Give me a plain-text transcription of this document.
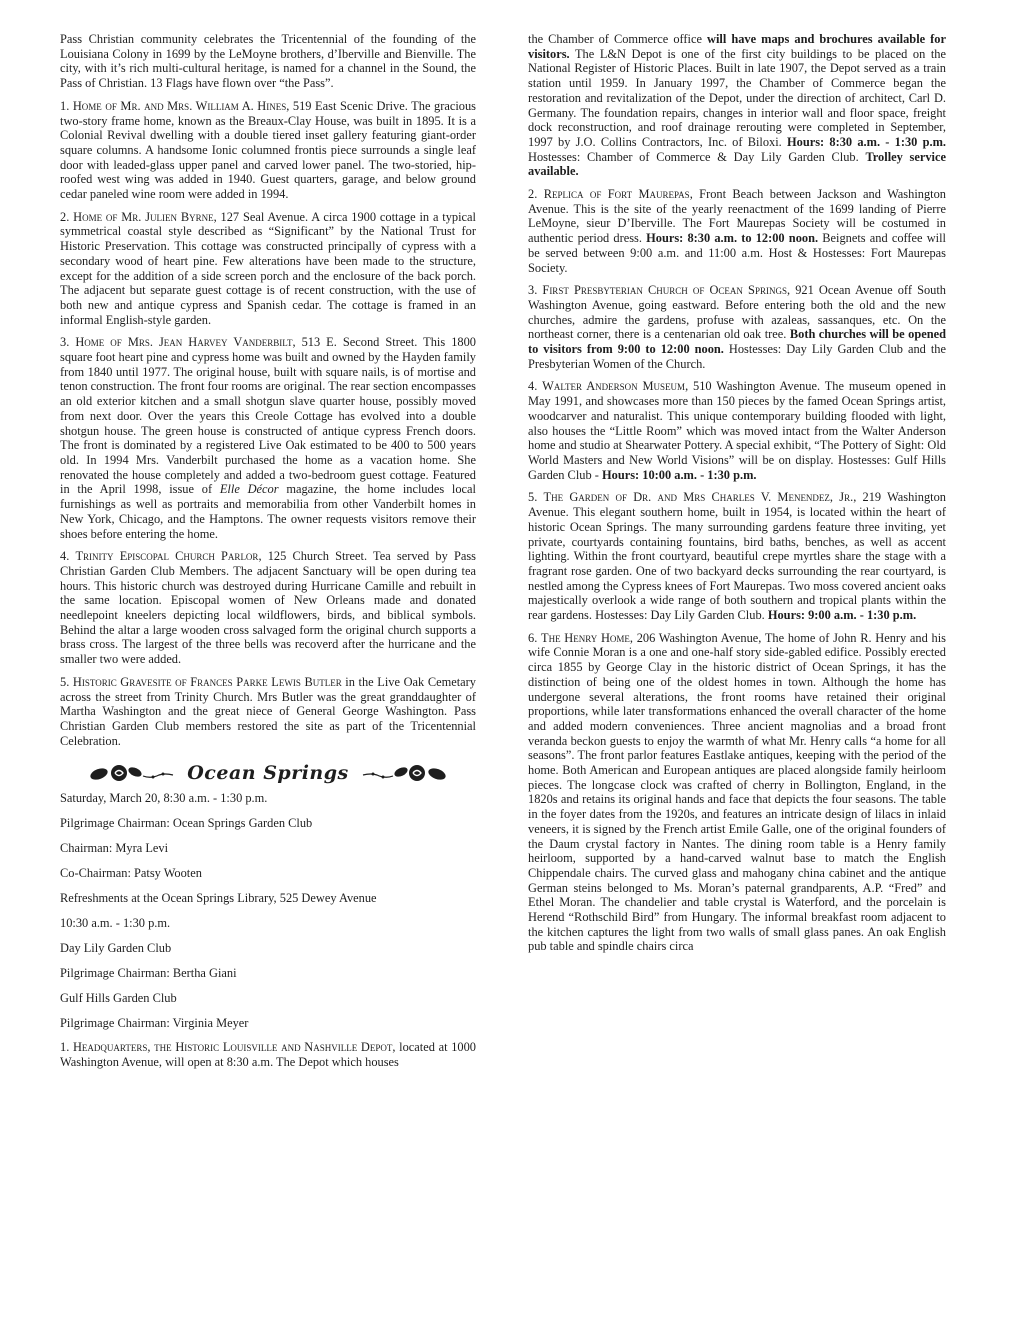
Pass Christian community celebrates the Tricentennial of the founding of the Louisiana Colony in 1699 by the LeMoyne brothers, d’Iberville and Bienville. The city, with it’s rich multi-cultural heritage, is named for a channel in the Sound, the Pass of Christian. 13 Flags have flown over “the Pass”.

1. Home of Mr. and Mrs. William A. Hines, 519 East Scenic Drive. The gracious two-story frame home, known as the Breaux-Clay House, was built in 1895. It is a Colonial Revival dwelling with a double tiered inset gallery featuring giant-order square columns. A handsome Ionic columned frontis piece surrounds a single leaf door with leaded-glass upper panel and carved lower panel. The two-storied, hip-roofed west wing was added in 1940. Guest quarters, garage, and below ground cedar paneled wine room were added in 1994.

2. Home of Mr. Julien Byrne, 127 Seal Avenue. A circa 1900 cottage in a typical symmetrical coastal style described as “Significant” by the National Trust for Historic Preservation. This cottage was constructed principally of cypress with a secondary wood of heart pine. Few alterations have been made to the structure, except for the addition of a side screen porch and the enclosure of the back porch. The adjacent but separate guest cottage is of recent construction, with the use of both new and antique cypress and Spanish cedar. The cottage is framed in an informal English-style garden.

3. Home of Mrs. Jean Harvey Vanderbilt, 513 E. Second Street. This 1800 square foot heart pine and cypress home was built and owned by the Hayden family from 1840 until 1977. The original house, built with square nails, is of mortise and tenon construction. The front four rooms are original. The rear section encompasses an old exterior kitchen and a small shotgun slave quarter house, possibly moved from next door. Over the years this Creole Cottage has evolved into a double shotgun house. The green house is constructed of antique cypress French doors. The front is dominated by a registered Live Oak estimated to be 400 to 500 years old. In 1994 Mrs. Vanderbilt purchased the home as a vacation home. She renovated the house completely and added a two-bedroom guest cottage. Featured in the April 1998, issue of Elle Décor magazine, the home includes local furnishings as well as portraits and memorabilia from other Vanderbilt homes in New York, Chicago, and the Hamptons. The owner requests visitors remove their shoes before entering the home.

4. Trinity Episcopal Church Parlor, 125 Church Street. Tea served by Pass Christian Garden Club Members. The adjacent Sanctuary will be open during tea hours. This historic church was destroyed during Hurricane Camille and rebuilt in the same location. Episcopal women of New Orleans made and donated needlepoint kneelers depicting local wildflowers, birds, and biblical symbols. Behind the altar a large wooden cross salvaged form the original church supports a brass cross. The largest of the three bells was recoverd after the hurricane and the smaller two were added.

5. Historic Gravesite of Frances Parke Lewis Butler in the Live Oak Cemetary across the street from Trinity Church. Mrs Butler was the great granddaughter of Martha Washington and the great niece of General George Washington. Pass Christian Garden Club members restored the site as part of the Tricentennial Celebration.

Ocean Springs

Saturday, March 20, 8:30 a.m. - 1:30 p.m.

Pilgrimage Chairman: Ocean Springs Garden Club

Chairman: Myra Levi

Co-Chairman: Patsy Wooten

Refreshments at the Ocean Springs Library, 525 Dewey Avenue

10:30 a.m. - 1:30 p.m.

Day Lily Garden Club

Pilgrimage Chairman: Bertha Giani

Gulf Hills Garden Club

Pilgrimage Chairman: Virginia Meyer

1. Headquarters, the Historic Louisville and Nashville Depot, located at 1000 Washington Avenue, will open at 8:30 a.m. The Depot which houses

the Chamber of Commerce office will have maps and brochures available for visitors. The L&N Depot is one of the first city buildings to be placed on the National Register of Historic Places. Built in late 1907, the Depot served as a train station until 1959. In January 1997, the Chamber of Commerce began the restoration and revitalization of the Depot, under the direction of architect, Carl D. Germany. The foundation repairs, changes in interior wall and floor space, freight dock reconstruction, and roof drainage rerouting were completed in September, 1997 by J.O. Collins Contractors, Inc. of Biloxi. Hours: 8:30 a.m. - 1:30 p.m. Hostesses: Chamber of Commerce & Day Lily Garden Club. Trolley service available.

2. Replica of Fort Maurepas, Front Beach between Jackson and Washington Avenue. This is the site of the yearly reenactment of the 1699 landing of Pierre LeMoyne, sieur D’Iberville. The Fort Maurepas Society will be costumed in authentic period dress. Hours: 8:30 a.m. to 12:00 noon. Beignets and coffee will be served between 9:00 a.m. and 11:00 a.m. Host & Hostesses: Fort Maurepas Society.

3. First Presbyterian Church of Ocean Springs, 921 Ocean Avenue off South Washington Avenue, going eastward. Before entering both the old and the new churches, admire the gardens, profuse with azaleas, sassanques, etc. On the northeast corner, there is a centenarian old oak tree. Both churches will be opened to visitors from 9:00 to 12:00 noon. Hostesses: Day Lily Garden Club and the Presbyterian Women of the Church.

4. Walter Anderson Museum, 510 Washington Avenue. The museum opened in May 1991, and showcases more than 150 pieces by the famed Ocean Springs artist, woodcarver and naturalist. This unique contemporary building flooded with light, also houses the “Little Room” which was moved intact from the Walter Anderson home and studio at Shearwater Pottery. A special exhibit, “The Pottery of Sight: Old World Masters and New World Visions” will be on display. Hostesses: Gulf Hills Garden Club - Hours: 10:00 a.m. - 1:30 p.m.

5. The Garden of Dr. and Mrs Charles V. Menendez, Jr., 219 Washington Avenue. This elegant southern home, built in 1954, is located within the heart of historic Ocean Springs. The many surrounding gardens feature three inviting, yet private, courtyards containing fountains, bird baths, benches, as well as accent lighting. Within the front courtyard, beautiful crepe myrtles share the stage with a fragrant rose garden. One of two backyard decks surrounding the rear courtyard, is nestled among the Cypress knees of Fort Maurepas. Two moss covered ancient oaks majestically overlook a wide range of both southern and tropical plants within the rear gardens. Hostesses: Day Lily Garden Club. Hours: 9:00 a.m. - 1:30 p.m.

6. The Henry Home, 206 Washington Avenue, The home of John R. Henry and his wife Connie Moran is a one and one-half story side-gabled edifice. Possibly erected circa 1855 by George Clay in the historic district of Ocean Springs, it has the distinction of being one of the oldest homes in town. Although the home has undergone several alterations, the front rooms have retained their original proportions, while later transformations enhanced the overall character of the home and added modern conveniences. Three ancient magnolias and a broad front veranda beckon guests to enjoy the warmth of what Mr. Henry calls “a home for all seasons”. The front parlor features Eastlake antiques, keeping with the period of the home. Both American and European antiques are placed alongside family heirloom pieces. The longcase clock was crafted of cherry in Bollington, England, in the 1820s and retains its original hands and face that depicts the four seasons. The table in the foyer dates from the 1920s, and features an intricate design of lilacs in inlaid veneers, it is signed by the French artist Emile Galle, one of the original founders of the Daum crystal factory in Nantes. The dining room table is a Henry family heirloom, supported by a hand-carved walnut base to match the English Chippendale chairs. The curved glass and mahogany china cabinet and the antique German steins belonged to Ms. Moran’s paternal grandparents, A.P. “Fred” and Ethel Moran. The chandelier and table crystal is Waterford, and the porcelain is Herend “Rothschild Bird” from Hungary. The informal breakfast room adjacent to the kitchen captures the light from two walls of small glass panes. An oak English pub table and spindle chairs circa
